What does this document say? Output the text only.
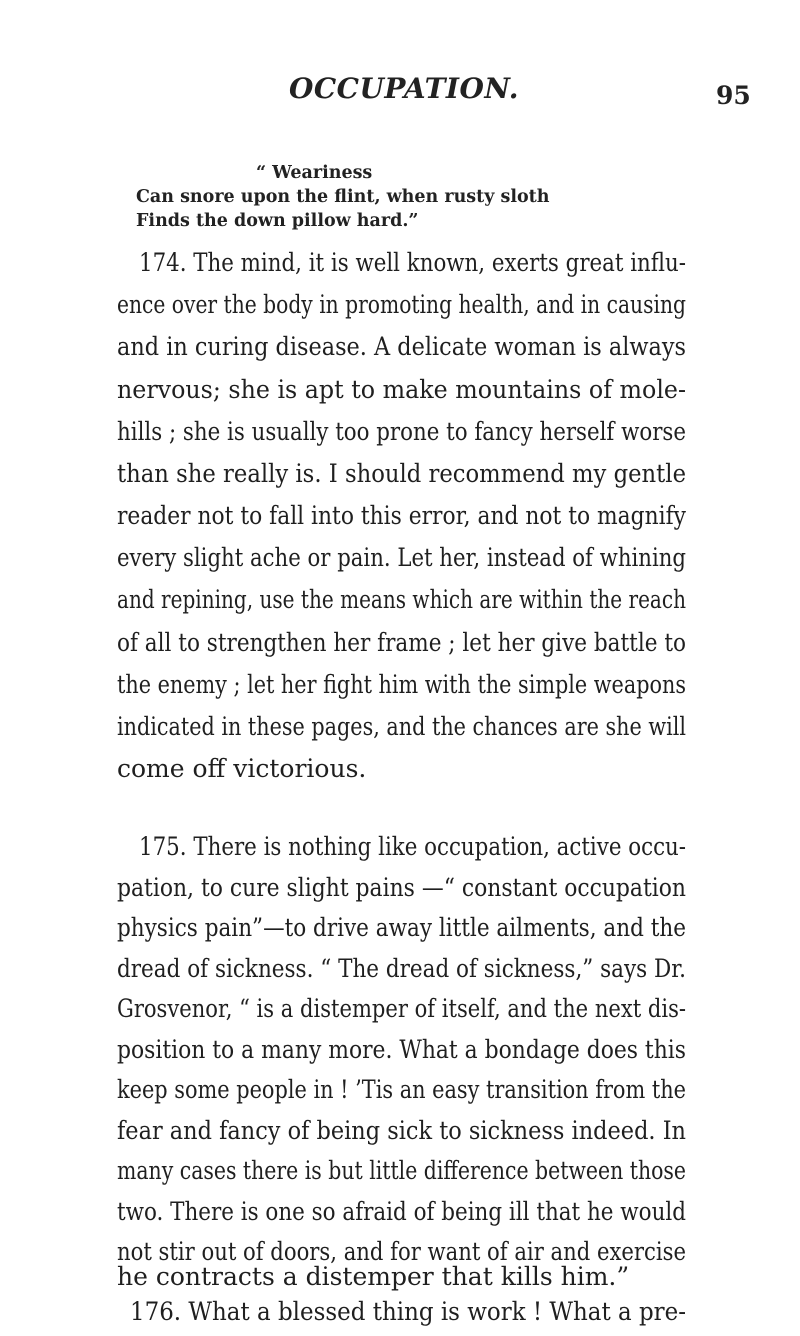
OCCUPATION.	95
“ Weariness
Can snore upon the flint, when rusty sloth
Finds the down pillow hard.”
174. The mind, it is well known, exerts great influ-
ence over the body in promoting health, and in causing
and in curing disease. A delicate woman is always
nervous; she is apt to make mountains of mole-
hills ; she is usually too prone to fancy herself worse
than she really is. I should recommend my gentle
reader not to fall into this error, and not to magnify
every slight ache or pain. Let her, instead of whining
and repining, use the means which are within the reach
of all to strengthen her frame ; let her give battle to
the enemy ; let her fight him with the simple weapons
indicated in these pages, and the chances are she will
come off victorious.
175. There is nothing like occupation, active occu-
pation, to cure slight pains —“ constant occupation
physics pain”—to drive away little ailments, and the
dread of sickness. “ The dread of sickness,” says Dr.
Grosvenor, “ is a distemper of itself, and the next dis-
position to a many more. What a bondage does this
keep some people in ! ’Tis an easy transition from the
fear and fancy of being sick to sickness indeed. In
many cases there is but little difference between those
two. There is one so afraid of being ill that he would
not stir out of doors, and for want of air and exercise
he contracts a distemper that kills him.”
176. What a blessed thing is work ! What a pre-
